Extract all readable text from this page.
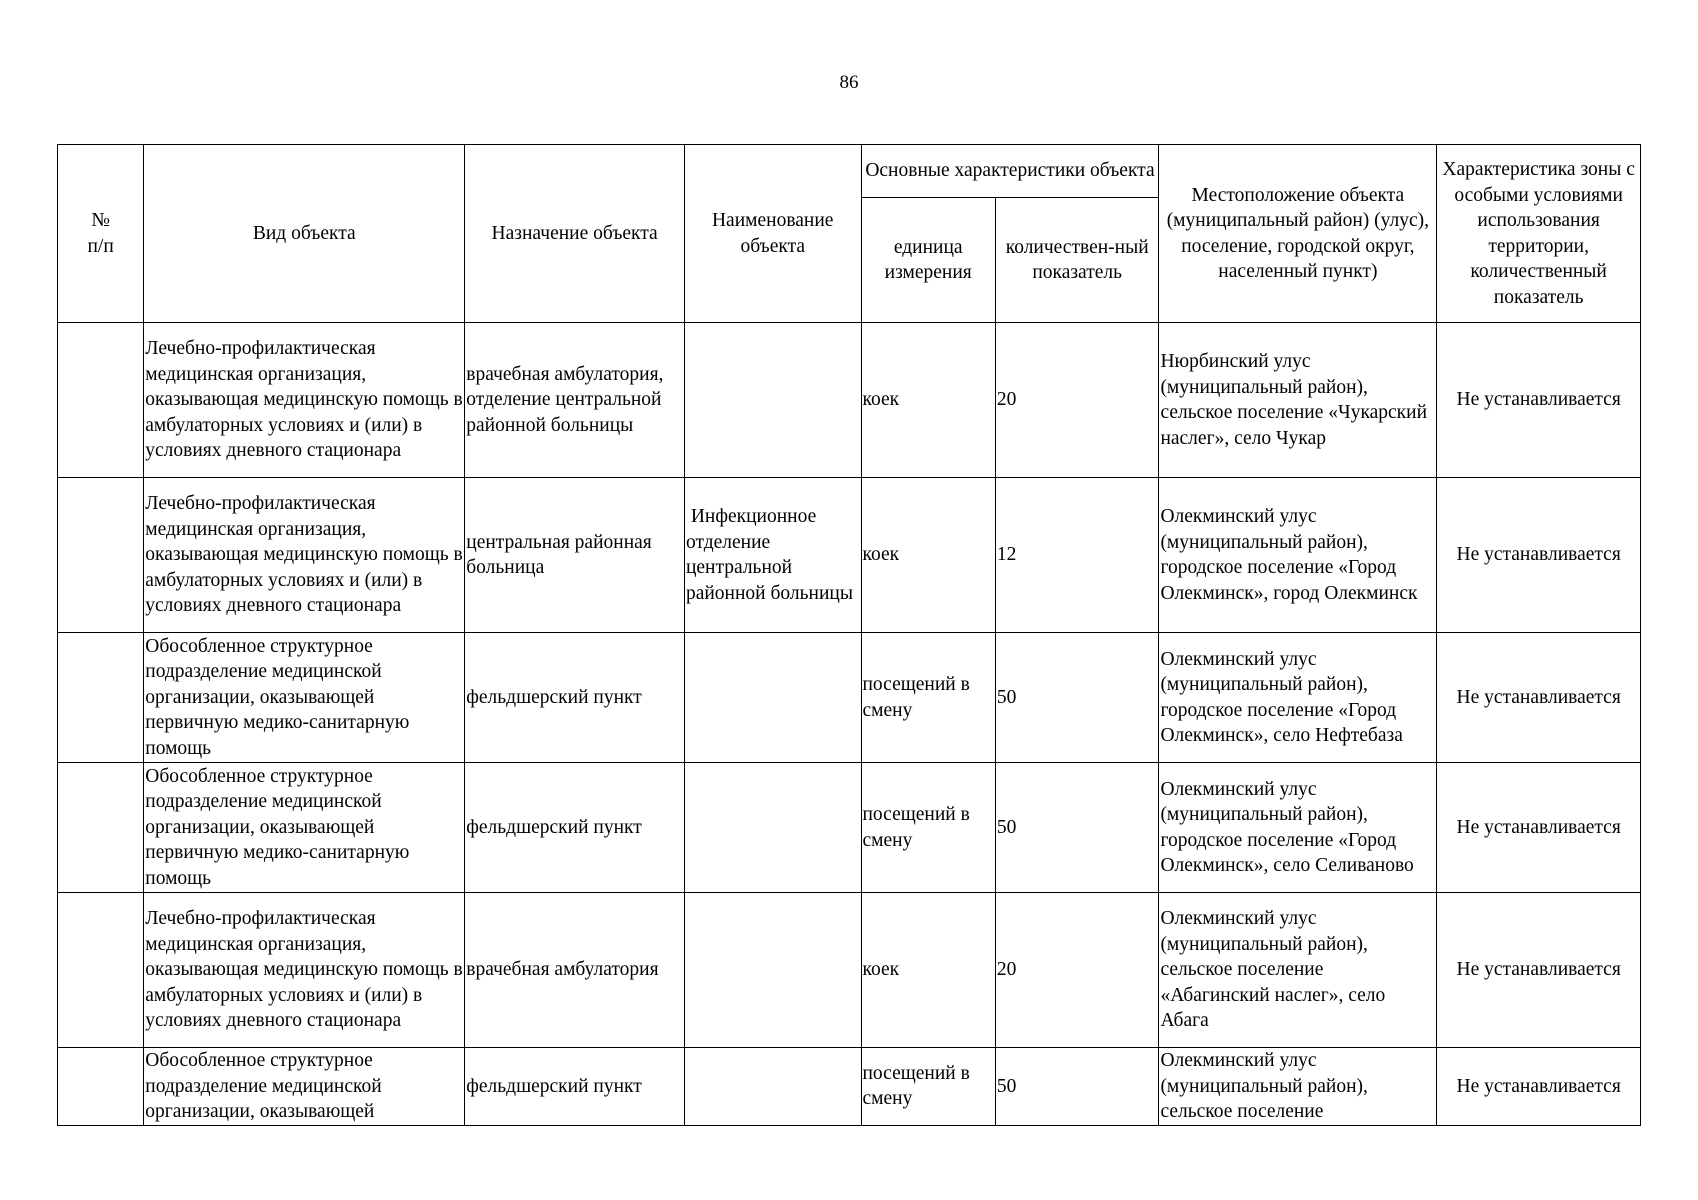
86
№
п/п	Вид объекта	Назначение объекта	Наименование объекта	Основные характеристики объекта		Местоположение объекта (муниципальный район) (улус), поселение, городской округ, населенный пункт)	Характеристика зоны с особыми условиями использования территории, количественный показатель
				единица измерения	количествен-ный показатель		
	Лечебно-профилактическая медицинская организация, оказывающая медицинскую помощь в амбулаторных условиях и (или) в условиях дневного стационара	врачебная амбулатория, отделение центральной районной больницы		коек	20	Нюрбинский улус (муниципальный район), сельское поселение «Чукарский наслег», село Чукар	Не устанавливается
	Лечебно-профилактическая медицинская организация, оказывающая медицинскую помощь в амбулаторных условиях и (или) в условиях дневного стационара	центральная районная больница	Инфекционное отделение центральной районной больницы	коек	12	Олекминский улус (муниципальный район), городское поселение «Город Олекминск», город Олекминск	Не устанавливается
	Обособленное структурное подразделение медицинской организации, оказывающей первичную медико-санитарную помощь	фельдшерский пункт		посещений в смену	50	Олекминский улус (муниципальный район), городское поселение «Город Олекминск», село Нефтебаза	Не устанавливается
	Обособленное структурное подразделение медицинской организации, оказывающей первичную медико-санитарную помощь	фельдшерский пункт		посещений в смену	50	Олекминский улус (муниципальный район), городское поселение «Город Олекминск», село Селиваново	Не устанавливается
	Лечебно-профилактическая медицинская организация, оказывающая медицинскую помощь в амбулаторных условиях и (или) в условиях дневного стационара	врачебная амбулатория		коек	20	Олекминский улус (муниципальный район), сельское поселение «Абагинский наслег», село Абага	Не устанавливается
	Обособленное структурное подразделение медицинской организации, оказывающей	фельдшерский пункт		посещений в смену	50	Олекминский улус (муниципальный район), сельское поселение	Не устанавливается
